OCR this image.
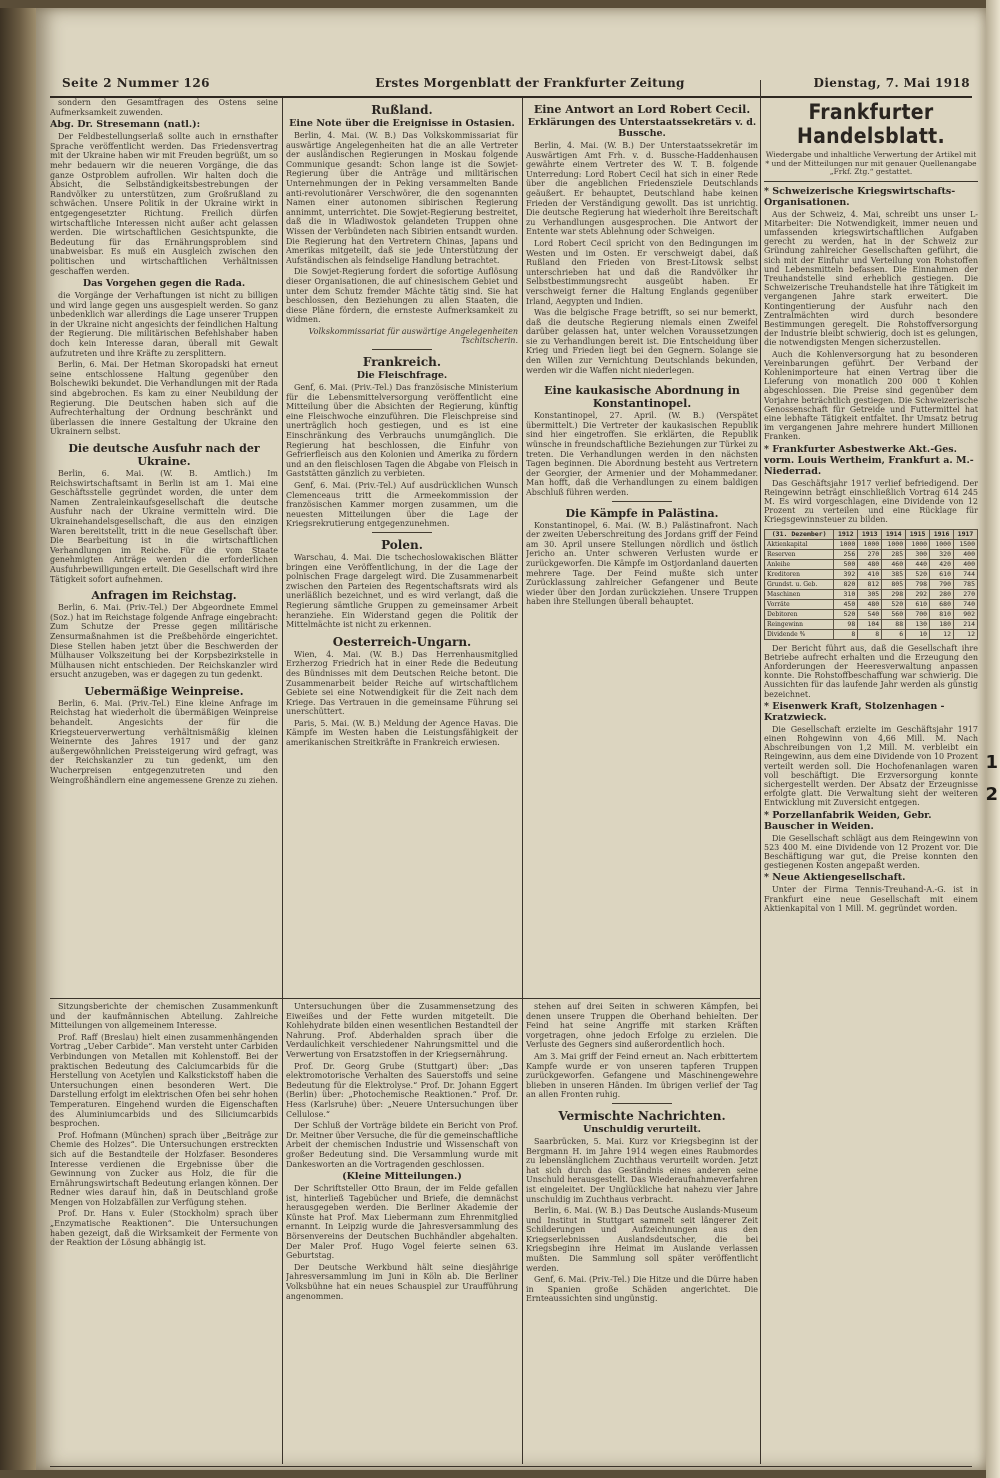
Seite 2 Nummer 126	Erstes Morgenblatt der Frankfurter Zeitung	Dienstag, 7. Mai 1918

sondern den Gesamtfragen des Ostens seine Aufmerksamkeit zuwenden.

Abg. Dr. Stresemann (natl.):

Der Feldbestellungserlaß sollte auch in ernsthafter Sprache veröffentlicht werden. Das Friedensvertrag mit der Ukraine haben wir mit Freuden begrüßt, um so mehr bedauern wir die neueren Vorgänge, die das ganze Ostproblem aufrollen. Wir halten doch die Absicht, die Selbständigkeitsbestrebungen der Randvölker zu unterstützen, zum Großrußland zu schwächen. Unsere Politik in der Ukraine wirkt in entgegengesetzter Richtung. Freilich dürfen wirtschaftliche Interessen nicht außer acht gelassen werden. Die wirtschaftlichen Gesichtspunkte, die Bedeutung für das Ernährungsproblem sind unabweisbar. Es muß ein Ausgleich zwischen den politischen und wirtschaftlichen Verhältnissen geschaffen werden.

Das Vorgehen gegen die Rada.

die Vorgänge der Verhaftungen ist nicht zu billigen und wird lange gegen uns ausgespielt werden. So ganz unbedenklich war allerdings die Lage unserer Truppen in der Ukraine nicht angesichts der feindlichen Haltung der Regierung. Die militärischen Befehlshaber haben doch kein Interesse daran, überall mit Gewalt aufzutreten und ihre Kräfte zu zersplittern.

Berlin, 6. Mai. Der Hetman Skoropadski hat erneut seine entschlossene Haltung gegenüber den Bolschewiki bekundet. Die Verhandlungen mit der Rada sind abgebrochen. Es kam zu einer Neubildung der Regierung. Die Deutschen haben sich auf die Aufrechterhaltung der Ordnung beschränkt und überlassen die innere Gestaltung der Ukraine den Ukrainern selbst.

Die deutsche Ausfuhr nach der Ukraine.

Berlin, 6. Mai. (W. B. Amtlich.) Im Reichswirtschaftsamt in Berlin ist am 1. Mai eine Geschäftsstelle gegründet worden, die unter dem Namen Zentraleinkaufsgesellschaft die deutsche Ausfuhr nach der Ukraine vermitteln wird. Die Ukrainehandelsgesellschaft, die aus den einzigen Waren bereitstellt, tritt in die neue Gesellschaft über. Die Bearbeitung ist in die wirtschaftlichen Verhandlungen im Reiche. Für die vom Staate genehmigten Anträge werden die erforderlichen Ausfuhrbewilligungen erteilt. Die Gesellschaft wird ihre Tätigkeit sofort aufnehmen.

Anfragen im Reichstag.

Berlin, 6. Mai. (Priv.-Tel.) Der Abgeordnete Emmel (Soz.) hat im Reichstage folgende Anfrage eingebracht: Zum Schutze der Presse gegen militärische Zensurmaßnahmen ist die Preßbehörde eingerichtet. Diese Stellen haben jetzt über die Beschwerden der Mülhauser Volkszeitung bei der Korpsbezirkstelle in Mülhausen nicht entschieden. Der Reichskanzler wird ersucht anzugeben, was er dagegen zu tun gedenkt.

Uebermäßige Weinpreise.

Berlin, 6. Mai. (Priv.-Tel.) Eine kleine Anfrage im Reichstag hat wiederholt die übermäßigen Weinpreise behandelt. Angesichts der für die Kriegsteuerverwertung verhältnismäßig kleinen Weinernte des Jahres 1917 und der ganz außergewöhnlichen Preissteigerung wird gefragt, was der Reichskanzler zu tun gedenkt, um den Wucherpreisen entgegenzutreten und den Weingroßhändlern eine angemessene Grenze zu ziehen.

Rußland.
Eine Note über die Ereignisse in Ostasien.

Berlin, 4. Mai. (W. B.) Das Volkskommissariat für auswärtige Angelegenheiten hat die an alle Vertreter der ausländischen Regierungen in Moskau folgende Communique gesandt: Schon lange ist die Sowjet-Regierung über die Anträge und militärischen Unternehmungen der in Peking versammelten Bande anti-revolutionärer Verschwörer, die den sogenannten Namen einer autonomen sibirischen Regierung annimmt, unterrichtet. Die Sowjet-Regierung bestreitet, daß die in Wladiwostok gelandeten Truppen ohne Wissen der Verbündeten nach Sibirien entsandt wurden. Die Regierung hat den Vertretern Chinas, Japans und Amerikas mitgeteilt, daß sie jede Unterstützung der Aufständischen als feindselige Handlung betrachtet.

Die Sowjet-Regierung fordert die sofortige Auflösung dieser Organisationen, die auf chinesischem Gebiet und unter dem Schutz fremder Mächte tätig sind. Sie hat beschlossen, den Beziehungen zu allen Staaten, die diese Pläne fördern, die ernsteste Aufmerksamkeit zu widmen.

Volkskommissariat für auswärtige Angelegenheiten Tschitscherin.

Frankreich.
Die Fleischfrage.

Genf, 6. Mai. (Priv.-Tel.) Das französische Ministerium für die Lebensmittelversorgung veröffentlicht eine Mitteilung über die Absichten der Regierung, künftig eine Fleischwoche einzuführen. Die Fleischpreise sind unerträglich hoch gestiegen, und es ist eine Einschränkung des Verbrauchs unumgänglich. Die Regierung hat beschlossen, die Einfuhr von Gefrierfleisch aus den Kolonien und Amerika zu fördern und an den fleischlosen Tagen die Abgabe von Fleisch in Gaststätten gänzlich zu verbieten.

Genf, 6. Mai. (Priv.-Tel.) Auf ausdrücklichen Wunsch Clemenceaus tritt die Armeekommission der französischen Kammer morgen zusammen, um die neuesten Mitteilungen über die Lage der Kriegsrekrutierung entgegenzunehmen.

Polen.

Warschau, 4. Mai. Die tschechoslowakischen Blätter bringen eine Veröffentlichung, in der die Lage der polnischen Frage dargelegt wird. Die Zusammenarbeit zwischen den Parteien des Regentschaftsrats wird als unerläßlich bezeichnet, und es wird verlangt, daß die Regierung sämtliche Gruppen zu gemeinsamer Arbeit heranziehe. Ein Widerstand gegen die Politik der Mittelmächte ist nicht zu erkennen.

Oesterreich-Ungarn.

Wien, 4. Mai. (W. B.) Das Herrenhausmitglied Erzherzog Friedrich hat in einer Rede die Bedeutung des Bündnisses mit dem Deutschen Reiche betont. Die Zusammenarbeit beider Reiche auf wirtschaftlichem Gebiete sei eine Notwendigkeit für die Zeit nach dem Kriege. Das Vertrauen in die gemeinsame Führung sei unerschüttert.

Paris, 5. Mai. (W. B.) Meldung der Agence Havas. Die Kämpfe im Westen haben die Leistungsfähigkeit der amerikanischen Streitkräfte in Frankreich erwiesen.

Eine Antwort an Lord Robert Cecil.
Erklärungen des Unterstaatssekretärs v. d. Bussche.

Berlin, 4. Mai. (W. B.) Der Unterstaatssekretär im Auswärtigen Amt Frh. v. d. Bussche-Haddenhausen gewährte einem Vertreter des W. T. B. folgende Unterredung: Lord Robert Cecil hat sich in einer Rede über die angeblichen Friedensziele Deutschlands geäußert. Er behauptet, Deutschland habe keinen Frieden der Verständigung gewollt. Das ist unrichtig. Die deutsche Regierung hat wiederholt ihre Bereitschaft zu Verhandlungen ausgesprochen. Die Antwort der Entente war stets Ablehnung oder Schweigen.

Lord Robert Cecil spricht von den Bedingungen im Westen und im Osten. Er verschweigt dabei, daß Rußland den Frieden von Brest-Litowsk selbst unterschrieben hat und daß die Randvölker ihr Selbstbestimmungsrecht ausgeübt haben. Er verschweigt ferner die Haltung Englands gegenüber Irland, Aegypten und Indien.

Was die belgische Frage betrifft, so sei nur bemerkt, daß die deutsche Regierung niemals einen Zweifel darüber gelassen hat, unter welchen Voraussetzungen sie zu Verhandlungen bereit ist. Die Entscheidung über Krieg und Frieden liegt bei den Gegnern. Solange sie den Willen zur Vernichtung Deutschlands bekunden, werden wir die Waffen nicht niederlegen.

Eine kaukasische Abordnung in Konstantinopel.

Konstantinopel, 27. April. (W. B.) (Verspätet übermittelt.) Die Vertreter der kaukasischen Republik sind hier eingetroffen. Sie erklärten, die Republik wünsche in freundschaftliche Beziehungen zur Türkei zu treten. Die Verhandlungen werden in den nächsten Tagen beginnen. Die Abordnung besteht aus Vertretern der Georgier, der Armenier und der Mohammedaner. Man hofft, daß die Verhandlungen zu einem baldigen Abschluß führen werden.

Die Kämpfe in Palästina.

Konstantinopel, 6. Mai. (W. B.) Palästinafront. Nach der zweiten Ueberschreitung des Jordans griff der Feind am 30. April unsere Stellungen nördlich und östlich Jericho an. Unter schweren Verlusten wurde er zurückgeworfen. Die Kämpfe im Ostjordanland dauerten mehrere Tage. Der Feind mußte sich unter Zurücklassung zahlreicher Gefangener und Beute wieder über den Jordan zurückziehen. Unsere Truppen haben ihre Stellungen überall behauptet.

Frankfurter Handelsblatt.
Wiedergabe und inhaltliche Verwertung der Artikel mit * und der Mitteilungen nur mit genauer Quellenangabe „Frkf. Ztg.“ gestattet.
* Schweizerische Kriegswirtschafts-Organisationen.

Aus der Schweiz, 4. Mai, schreibt uns unser L-Mitarbeiter: Die Notwendigkeit, immer neuen und umfassenden kriegswirtschaftlichen Aufgaben gerecht zu werden, hat in der Schweiz zur Gründung zahlreicher Gesellschaften geführt, die sich mit der Einfuhr und Verteilung von Rohstoffen und Lebensmitteln befassen. Die Einnahmen der Treuhandstelle sind erheblich gestiegen. Die Schweizerische Treuhandstelle hat ihre Tätigkeit im vergangenen Jahre stark erweitert. Die Kontingentierung der Ausfuhr nach den Zentralmächten wird durch besondere Bestimmungen geregelt. Die Rohstoffversorgung der Industrie bleibt schwierig, doch ist es gelungen, die notwendigsten Mengen sicherzustellen.

Auch die Kohlenversorgung hat zu besonderen Vereinbarungen geführt. Der Verband der Kohlenimporteure hat einen Vertrag über die Lieferung von monatlich 200 000 t Kohlen abgeschlossen. Die Preise sind gegenüber dem Vorjahre beträchtlich gestiegen. Die Schweizerische Genossenschaft für Getreide und Futtermittel hat eine lebhafte Tätigkeit entfaltet. Ihr Umsatz betrug im vergangenen Jahre mehrere hundert Millionen Franken.

* Frankfurter Asbestwerke Akt.-Ges. vorm. Louis Wertheim, Frankfurt a. M.-Niederrad.

Das Geschäftsjahr 1917 verlief befriedigend. Der Reingewinn beträgt einschließlich Vortrag 614 245 M. Es wird vorgeschlagen, eine Dividende von 12 Prozent zu verteilen und eine Rücklage für Kriegsgewinnsteuer zu bilden.

(31. Dezember)	1912	1913	1914	1915	1916	1917
Aktienkapital	1000	1000	1000	1000	1000	1500
Reserven	256	270	285	300	320	400
Anleihe	500	480	460	440	420	400
Kreditoren	392	410	385	520	610	744
Grundst. u. Geb.	820	812	805	798	790	785
Maschinen	310	305	298	292	280	270
Vorräte	450	480	520	610	680	740
Debitoren	520	540	560	700	810	902
Reingewinn	98	104	88	130	180	214
Dividende %	8	8	6	10	12	12

Der Bericht führt aus, daß die Gesellschaft ihre Betriebe aufrecht erhalten und die Erzeugung den Anforderungen der Heeresverwaltung anpassen konnte. Die Rohstoffbeschaffung war schwierig. Die Aussichten für das laufende Jahr werden als günstig bezeichnet.

* Eisenwerk Kraft, Stolzenhagen - Kratzwieck.

Die Gesellschaft erzielte im Geschäftsjahr 1917 einen Rohgewinn von 4,66 Mill. M. Nach Abschreibungen von 1,2 Mill. M. verbleibt ein Reingewinn, aus dem eine Dividende von 10 Prozent verteilt werden soll. Die Hochofenanlagen waren voll beschäftigt. Die Erzversorgung konnte sichergestellt werden. Der Absatz der Erzeugnisse erfolgte glatt. Die Verwaltung sieht der weiteren Entwicklung mit Zuversicht entgegen.

* Porzellanfabrik Weiden, Gebr. Bauscher in Weiden.

Die Gesellschaft schlägt aus dem Reingewinn von 523 400 M. eine Dividende von 12 Prozent vor. Die Beschäftigung war gut, die Preise konnten den gestiegenen Kosten angepaßt werden.

* Neue Aktiengesellschaft.

Unter der Firma Tennis-Treuhand-A.-G. ist in Frankfurt eine neue Gesellschaft mit einem Aktienkapital von 1 Mill. M. gegründet worden.

Sitzungsberichte der chemischen Zusammenkunft und der kaufmännischen Abteilung. Zahlreiche Mitteilungen von allgemeinem Interesse.

Prof. Raff (Breslau) hielt einen zusammenhängenden Vortrag „Ueber Carbide“. Man versteht unter Carbiden Verbindungen von Metallen mit Kohlenstoff. Bei der praktischen Bedeutung des Calciumcarbids für die Herstellung von Acetylen und Kalkstickstoff haben die Untersuchungen einen besonderen Wert. Die Darstellung erfolgt im elektrischen Ofen bei sehr hohen Temperaturen. Eingehend wurden die Eigenschaften des Aluminiumcarbids und des Siliciumcarbids besprochen.

Prof. Hofmann (München) sprach über „Beiträge zur Chemie des Holzes“. Die Untersuchungen erstreckten sich auf die Bestandteile der Holzfaser. Besonderes Interesse verdienen die Ergebnisse über die Gewinnung von Zucker aus Holz, die für die Ernährungswirtschaft Bedeutung erlangen können. Der Redner wies darauf hin, daß in Deutschland große Mengen von Holzabfällen zur Verfügung stehen.

Prof. Dr. Hans v. Euler (Stockholm) sprach über „Enzymatische Reaktionen“. Die Untersuchungen haben gezeigt, daß die Wirksamkeit der Fermente von der Reaktion der Lösung abhängig ist.

Untersuchungen über die Zusammensetzung des Eiweißes und der Fette wurden mitgeteilt. Die Kohlehydrate bilden einen wesentlichen Bestandteil der Nahrung. Prof. Abderhalden sprach über die Verdaulichkeit verschiedener Nahrungsmittel und die Verwertung von Ersatzstoffen in der Kriegsernährung.

Prof. Dr. Georg Grube (Stuttgart) über: „Das elektromotorische Verhalten des Sauerstoffs und seine Bedeutung für die Elektrolyse.“ Prof. Dr. Johann Eggert (Berlin) über: „Photochemische Reaktionen.“ Prof. Dr. Hess (Karlsruhe) über: „Neuere Untersuchungen über Cellulose.“

Der Schluß der Vorträge bildete ein Bericht von Prof. Dr. Meitner über Versuche, die für die gemeinschaftliche Arbeit der chemischen Industrie und Wissenschaft von großer Bedeutung sind. Die Versammlung wurde mit Dankesworten an die Vortragenden geschlossen.

(Kleine Mitteilungen.)

Der Schriftsteller Otto Braun, der im Felde gefallen ist, hinterließ Tagebücher und Briefe, die demnächst herausgegeben werden. Die Berliner Akademie der Künste hat Prof. Max Liebermann zum Ehrenmitglied ernannt. In Leipzig wurde die Jahresversammlung des Börsenvereins der Deutschen Buchhändler abgehalten. Der Maler Prof. Hugo Vogel feierte seinen 63. Geburtstag.

Der Deutsche Werkbund hält seine diesjährige Jahresversammlung im Juni in Köln ab. Die Berliner Volksbühne hat ein neues Schauspiel zur Uraufführung angenommen.

stehen auf drei Seiten in schweren Kämpfen, bei denen unsere Truppen die Oberhand behielten. Der Feind hat seine Angriffe mit starken Kräften vorgetragen, ohne jedoch Erfolge zu erzielen. Die Verluste des Gegners sind außerordentlich hoch.

Am 3. Mai griff der Feind erneut an. Nach erbittertem Kampfe wurde er von unseren tapferen Truppen zurückgeworfen. Gefangene und Maschinengewehre blieben in unseren Händen. Im übrigen verlief der Tag an allen Fronten ruhig.

Vermischte Nachrichten.
Unschuldig verurteilt.

Saarbrücken, 5. Mai. Kurz vor Kriegsbeginn ist der Bergmann H. im Jahre 1914 wegen eines Raubmordes zu lebenslänglichem Zuchthaus verurteilt worden. Jetzt hat sich durch das Geständnis eines anderen seine Unschuld herausgestellt. Das Wiederaufnahmeverfahren ist eingeleitet. Der Unglückliche hat nahezu vier Jahre unschuldig im Zuchthaus verbracht.

Berlin, 6. Mai. (W. B.) Das Deutsche Auslands-Museum und Institut in Stuttgart sammelt seit längerer Zeit Schilderungen und Aufzeichnungen aus den Kriegserlebnissen Auslandsdeutscher, die bei Kriegsbeginn ihre Heimat im Auslande verlassen mußten. Die Sammlung soll später veröffentlicht werden.

Genf, 6. Mai. (Priv.-Tel.) Die Hitze und die Dürre haben in Spanien große Schäden angerichtet. Die Ernteaussichten sind ungünstig.

1
2
